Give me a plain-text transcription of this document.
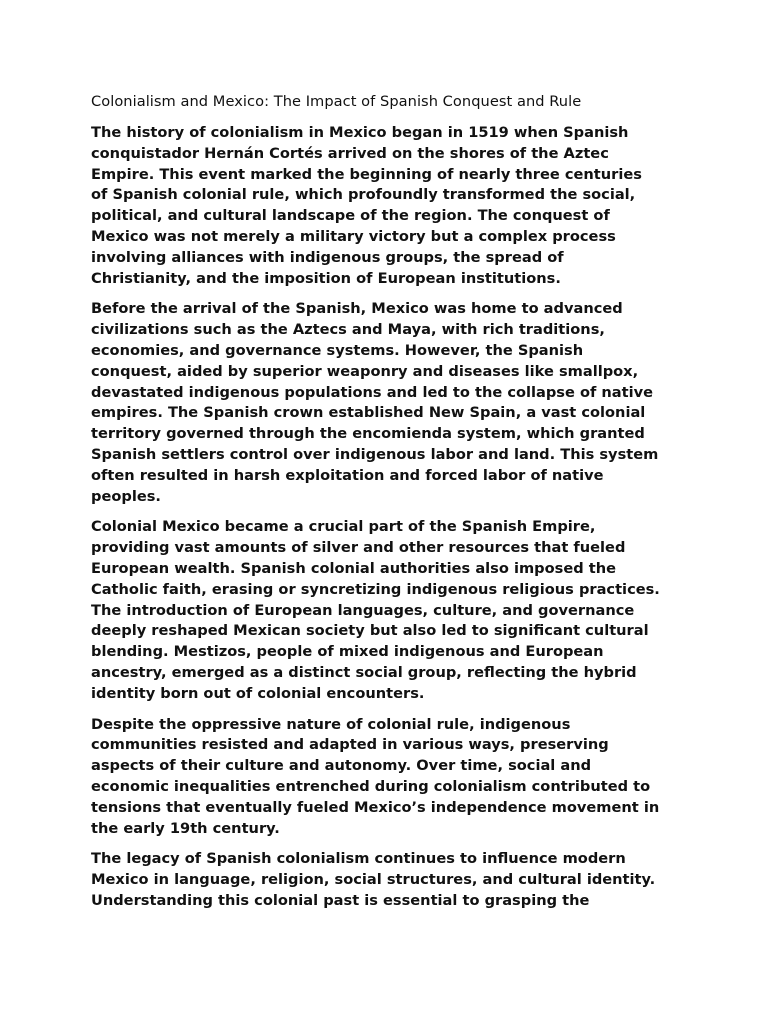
Colonialism and Mexico: The Impact of Spanish Conquest and Rule

The history of colonialism in Mexico began in 1519 when Spanish
conquistador Hernán Cortés arrived on the shores of the Aztec
Empire. This event marked the beginning of nearly three centuries
of Spanish colonial rule, which profoundly transformed the social,
political, and cultural landscape of the region. The conquest of
Mexico was not merely a military victory but a complex process
involving alliances with indigenous groups, the spread of
Christianity, and the imposition of European institutions.

Before the arrival of the Spanish, Mexico was home to advanced
civilizations such as the Aztecs and Maya, with rich traditions,
economies, and governance systems. However, the Spanish
conquest, aided by superior weaponry and diseases like smallpox,
devastated indigenous populations and led to the collapse of native
empires. The Spanish crown established New Spain, a vast colonial
territory governed through the encomienda system, which granted
Spanish settlers control over indigenous labor and land. This system
often resulted in harsh exploitation and forced labor of native
peoples.

Colonial Mexico became a crucial part of the Spanish Empire,
providing vast amounts of silver and other resources that fueled
European wealth. Spanish colonial authorities also imposed the
Catholic faith, erasing or syncretizing indigenous religious practices.
The introduction of European languages, culture, and governance
deeply reshaped Mexican society but also led to significant cultural
blending. Mestizos, people of mixed indigenous and European
ancestry, emerged as a distinct social group, reflecting the hybrid
identity born out of colonial encounters.

Despite the oppressive nature of colonial rule, indigenous
communities resisted and adapted in various ways, preserving
aspects of their culture and autonomy. Over time, social and
economic inequalities entrenched during colonialism contributed to
tensions that eventually fueled Mexico’s independence movement in
the early 19th century.

The legacy of Spanish colonialism continues to influence modern
Mexico in language, religion, social structures, and cultural identity.
Understanding this colonial past is essential to grasping the
